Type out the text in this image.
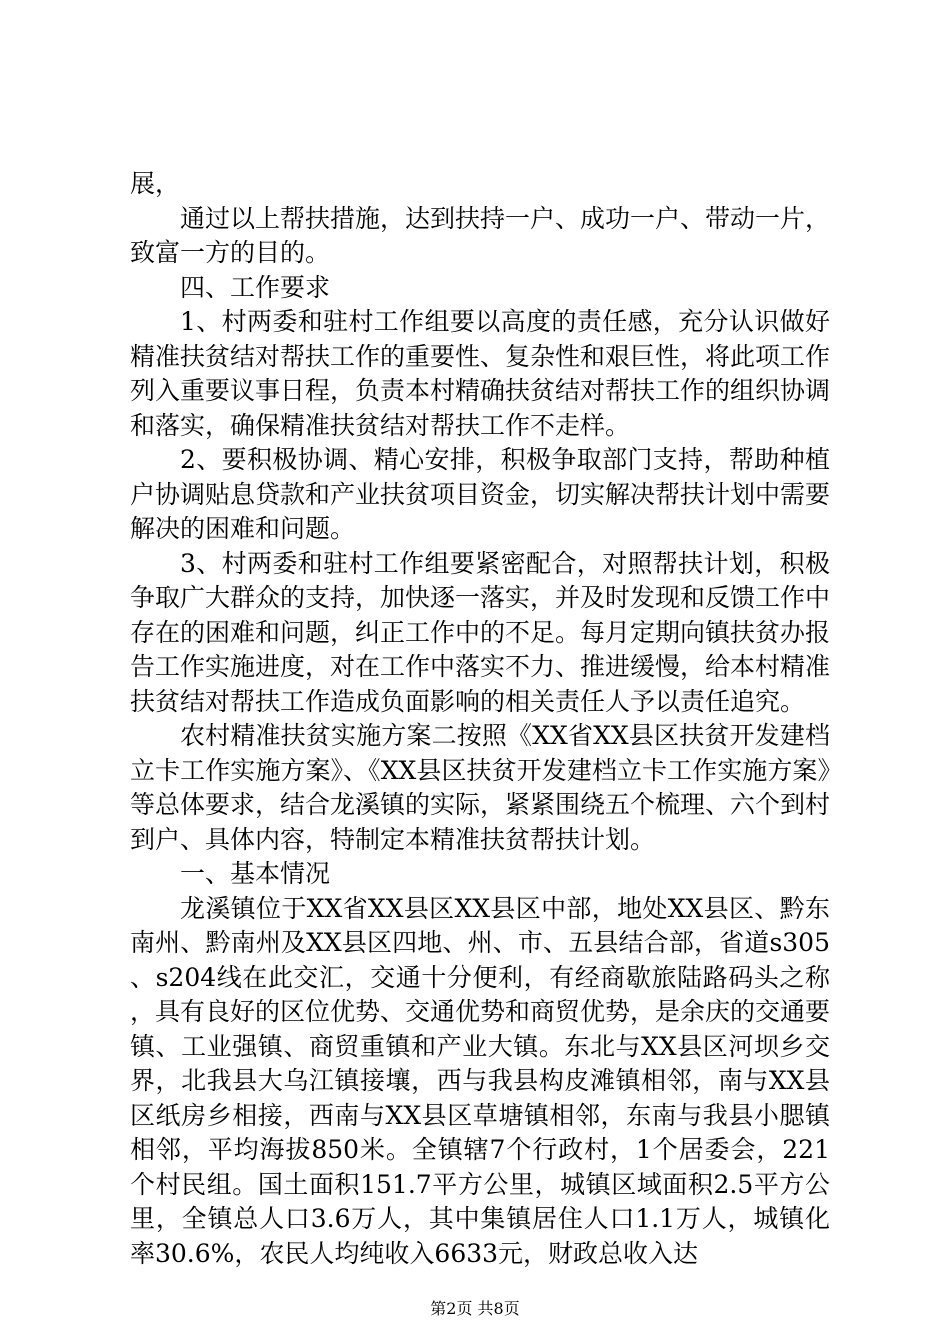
展，

通过以上帮扶措施，达到扶持一户、成功一户、带动一片，致富一方的目的。

四、工作要求

1、村两委和驻村工作组要以高度的责任感，充分认识做好精准扶贫结对帮扶工作的重要性、复杂性和艰巨性，将此项工作列入重要议事日程，负责本村精确扶贫结对帮扶工作的组织协调和落实，确保精准扶贫结对帮扶工作不走样。

2、要积极协调、精心安排，积极争取部门支持，帮助种植户协调贴息贷款和产业扶贫项目资金，切实解决帮扶计划中需要解决的困难和问题。

3、村两委和驻村工作组要紧密配合，对照帮扶计划，积极争取广大群众的支持，加快逐一落实，并及时发现和反馈工作中存在的困难和问题，纠正工作中的不足。每月定期向镇扶贫办报告工作实施进度，对在工作中落实不力、推进缓慢，给本村精准扶贫结对帮扶工作造成负面影响的相关责任人予以责任追究。

农村精准扶贫实施方案二按照《XX省XX县区扶贫开发建档立卡工作实施方案》、《XX县区扶贫开发建档立卡工作实施方案》等总体要求，结合龙溪镇的实际，紧紧围绕五个梳理、六个到村到户、具体内容，特制定本精准扶贫帮扶计划。

一、基本情况

龙溪镇位于XX省XX县区XX县区中部，地处XX县区、黔东南州、黔南州及XX县区四地、州、市、五县结合部，省道s305、s204线在此交汇，交通十分便利，有经商歇旅陆路码头之称，具有良好的区位优势、交通优势和商贸优势，是余庆的交通要镇、工业强镇、商贸重镇和产业大镇。东北与XX县区河坝乡交界，北我县大乌江镇接壤，西与我县构皮滩镇相邻，南与XX县区纸房乡相接，西南与XX县区草塘镇相邻，东南与我县小腮镇相邻，平均海拔850米。全镇辖7个行政村，1个居委会，221个村民组。国土面积151.7平方公里，城镇区域面积2.5平方公里，全镇总人口3.6万人，其中集镇居住人口1.1万人，城镇化率30.6%，农民人均纯收入6633元，财政总收入达

第2页 共8页
